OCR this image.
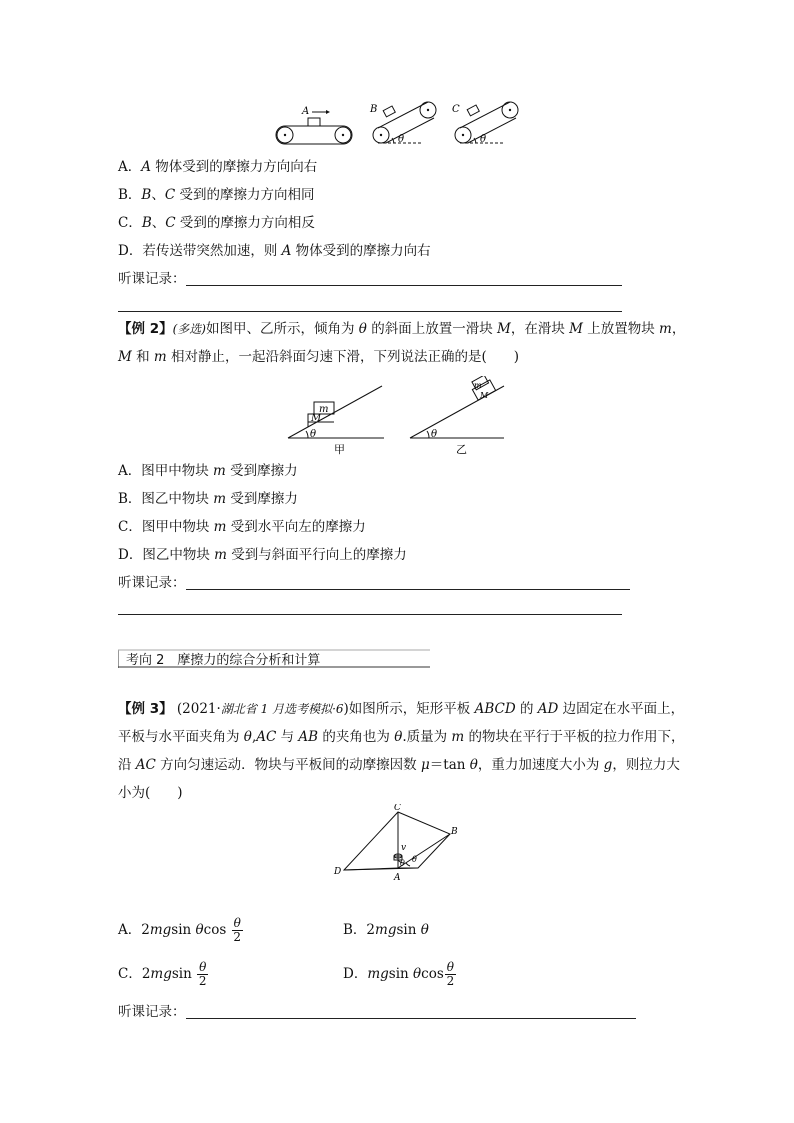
A	B	C
θ	θ
A．A 物体受到的摩擦力方向向右
B．B、C 受到的摩擦力方向相同
C．B、C 受到的摩擦力方向相反
D．若传送带突然加速，则 A 物体受到的摩擦力向右
听课记录：
【例 2】(多选)如图甲、乙所示，倾角为 θ 的斜面上放置一滑块 M，在滑块 M 上放置物块 m，
M 和 m 相对静止，一起沿斜面匀速下滑，下列说法正确的是(　　)
m
M
θ
m
M
θ
甲	乙
A．图甲中物块 m 受到摩擦力
B．图乙中物块 m 受到摩擦力
C．图甲中物块 m 受到水平向左的摩擦力
D．图乙中物块 m 受到与斜面平行向上的摩擦力
听课记录：
考向 2　摩擦力的综合分析和计算
【例 3】 (2021·湖北省 1 月选考模拟·6)如图所示，矩形平板 ABCD 的 AD 边固定在水平面上，
平板与水平面夹角为 θ,AC 与 AB 的夹角也为 θ.质量为 m 的物块在平行于平板的拉力作用下，
沿 AC 方向匀速运动．物块与平板间的动摩擦因数 μ＝tan θ，重力加速度大小为 g，则拉力大
小为(　　)
C
B
D
A
v
θ θ
A．2mgsin θcos $\frac{\theta}{2}$	B．2mgsin θ
C．$2mgsin \frac{\theta}{2}$	D．mgsin θcos $\frac{\theta}{2}$
听课记录：
